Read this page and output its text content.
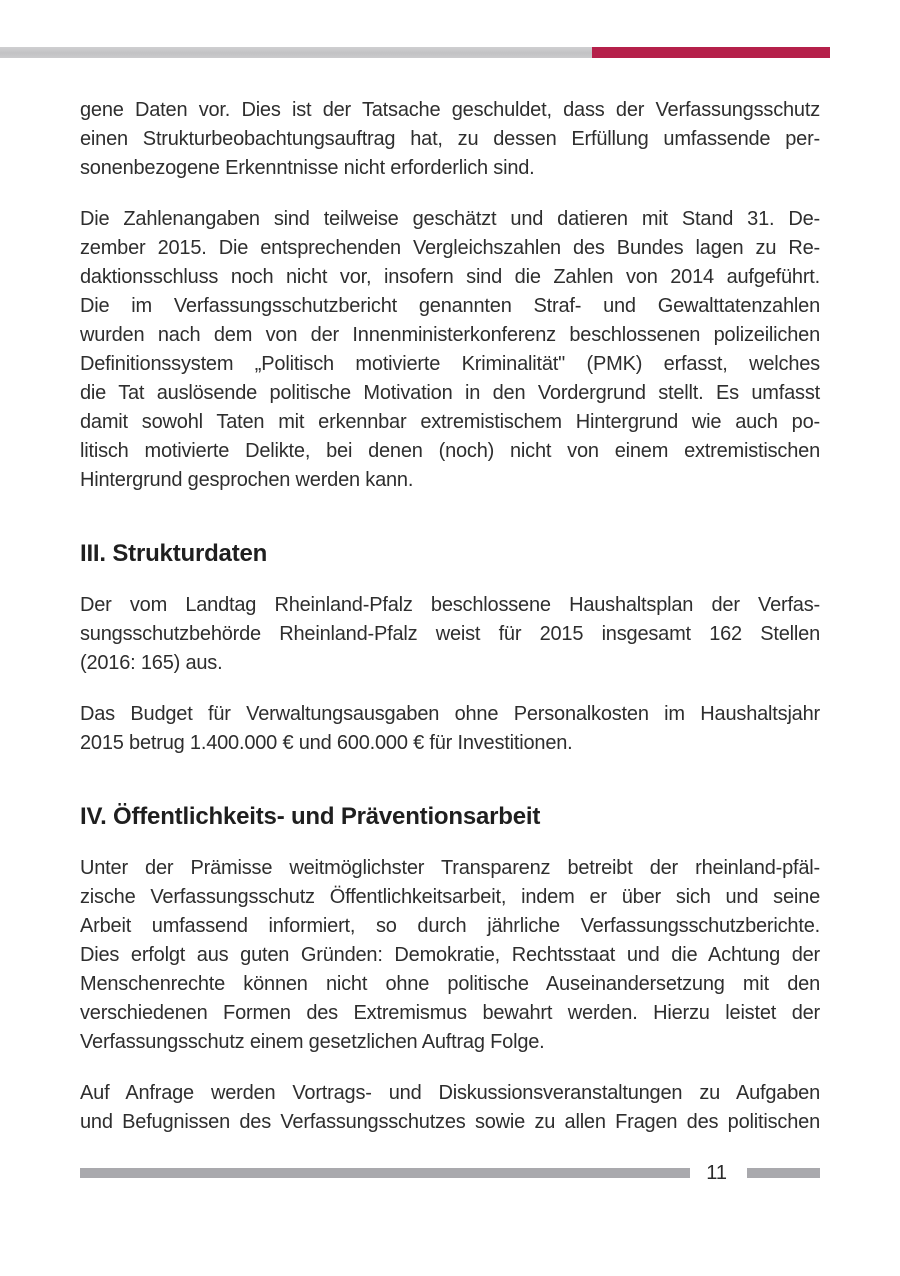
gene Daten vor. Dies ist der Tatsache geschuldet, dass der Verfassungsschutz
einen Strukturbeobachtungsauftrag hat, zu dessen Erfüllung umfassende per-
sonenbezogene Erkenntnisse nicht erforderlich sind.
Die Zahlenangaben sind teilweise geschätzt und datieren mit Stand 31. De-
zember 2015. Die entsprechenden Vergleichszahlen des Bundes lagen zu Re-
daktionsschluss noch nicht vor, insofern sind die Zahlen von 2014 aufgeführt.
Die im Verfassungsschutzbericht genannten Straf- und Gewalttatenzahlen
wurden nach dem von der Innenministerkonferenz beschlossenen polizeilichen
Definitionssystem „Politisch motivierte Kriminalität" (PMK) erfasst, welches
die Tat auslösende politische Motivation in den Vordergrund stellt. Es umfasst
damit sowohl Taten mit erkennbar extremistischem Hintergrund wie auch po-
litisch motivierte Delikte, bei denen (noch) nicht von einem extremistischen
Hintergrund gesprochen werden kann.
III. Strukturdaten
Der vom Landtag Rheinland-Pfalz beschlossene Haushaltsplan der Verfas-
sungsschutzbehörde Rheinland-Pfalz weist für 2015 insgesamt 162 Stellen
(2016: 165) aus.
Das Budget für Verwaltungsausgaben ohne Personalkosten im Haushaltsjahr
2015 betrug 1.400.000 € und 600.000 € für Investitionen.
IV. Öffentlichkeits- und Präventionsarbeit
Unter der Prämisse weitmöglichster Transparenz betreibt der rheinland-pfäl-
zische Verfassungsschutz Öffentlichkeitsarbeit, indem er über sich und seine
Arbeit umfassend informiert, so durch jährliche Verfassungsschutzberichte.
Dies erfolgt aus guten Gründen: Demokratie, Rechtsstaat und die Achtung der
Menschenrechte können nicht ohne politische Auseinandersetzung mit den
verschiedenen Formen des Extremismus bewahrt werden. Hierzu leistet der
Verfassungsschutz einem gesetzlichen Auftrag Folge.
Auf Anfrage werden Vortrags- und Diskussionsveranstaltungen zu Aufgaben
und Befugnissen des Verfassungsschutzes sowie zu allen Fragen des politischen
11
